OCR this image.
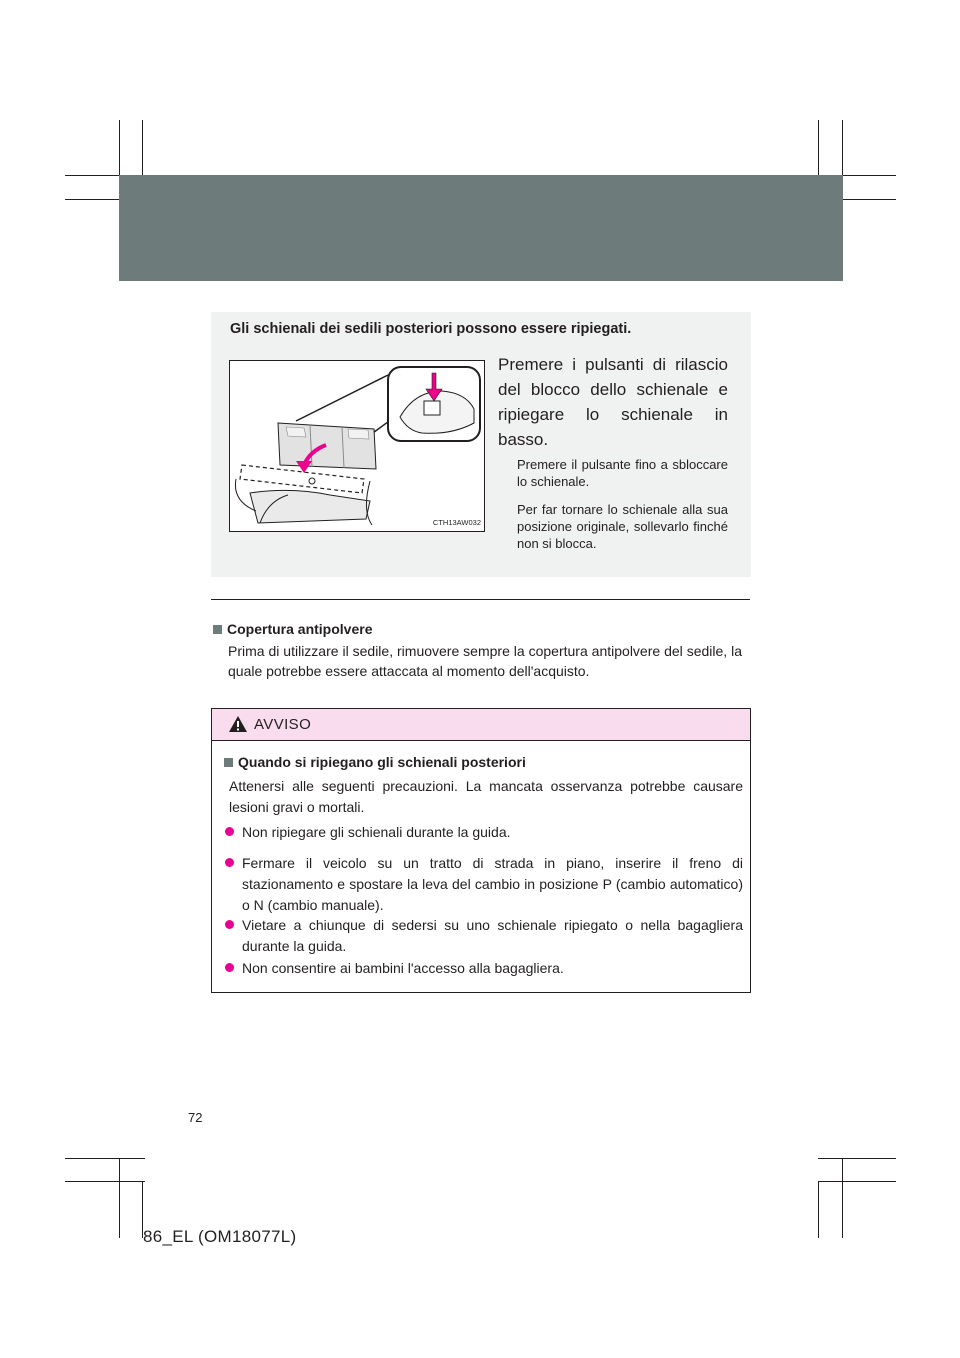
Gli schienali dei sedili posteriori possono essere ripiegati.
CTH13AW032
Premere i pulsanti di rilascio del blocco dello schienale e ripiegare lo schienale in basso.
Premere il pulsante fino a sbloccare lo schienale.
Per far tornare lo schienale alla sua posizione originale, sollevarlo finché non si blocca.
Copertura antipolvere
Prima di utilizzare il sedile, rimuovere sempre la copertura antipolvere del sedile, la quale potrebbe essere attaccata al momento dell'acquisto.
AVVISO
Quando si ripiegano gli schienali posteriori
Attenersi alle seguenti precauzioni. La mancata osservanza potrebbe causare lesioni gravi o mortali.
Non ripiegare gli schienali durante la guida.
Fermare il veicolo su un tratto di strada in piano, inserire il freno di stazionamento e spostare la leva del cambio in posizione P (cambio automatico) o N (cambio manuale).
Vietare a chiunque di sedersi su uno schienale ripiegato o nella bagagliera durante la guida.
Non consentire ai bambini l'accesso alla bagagliera.
72
86_EL (OM18077L)
